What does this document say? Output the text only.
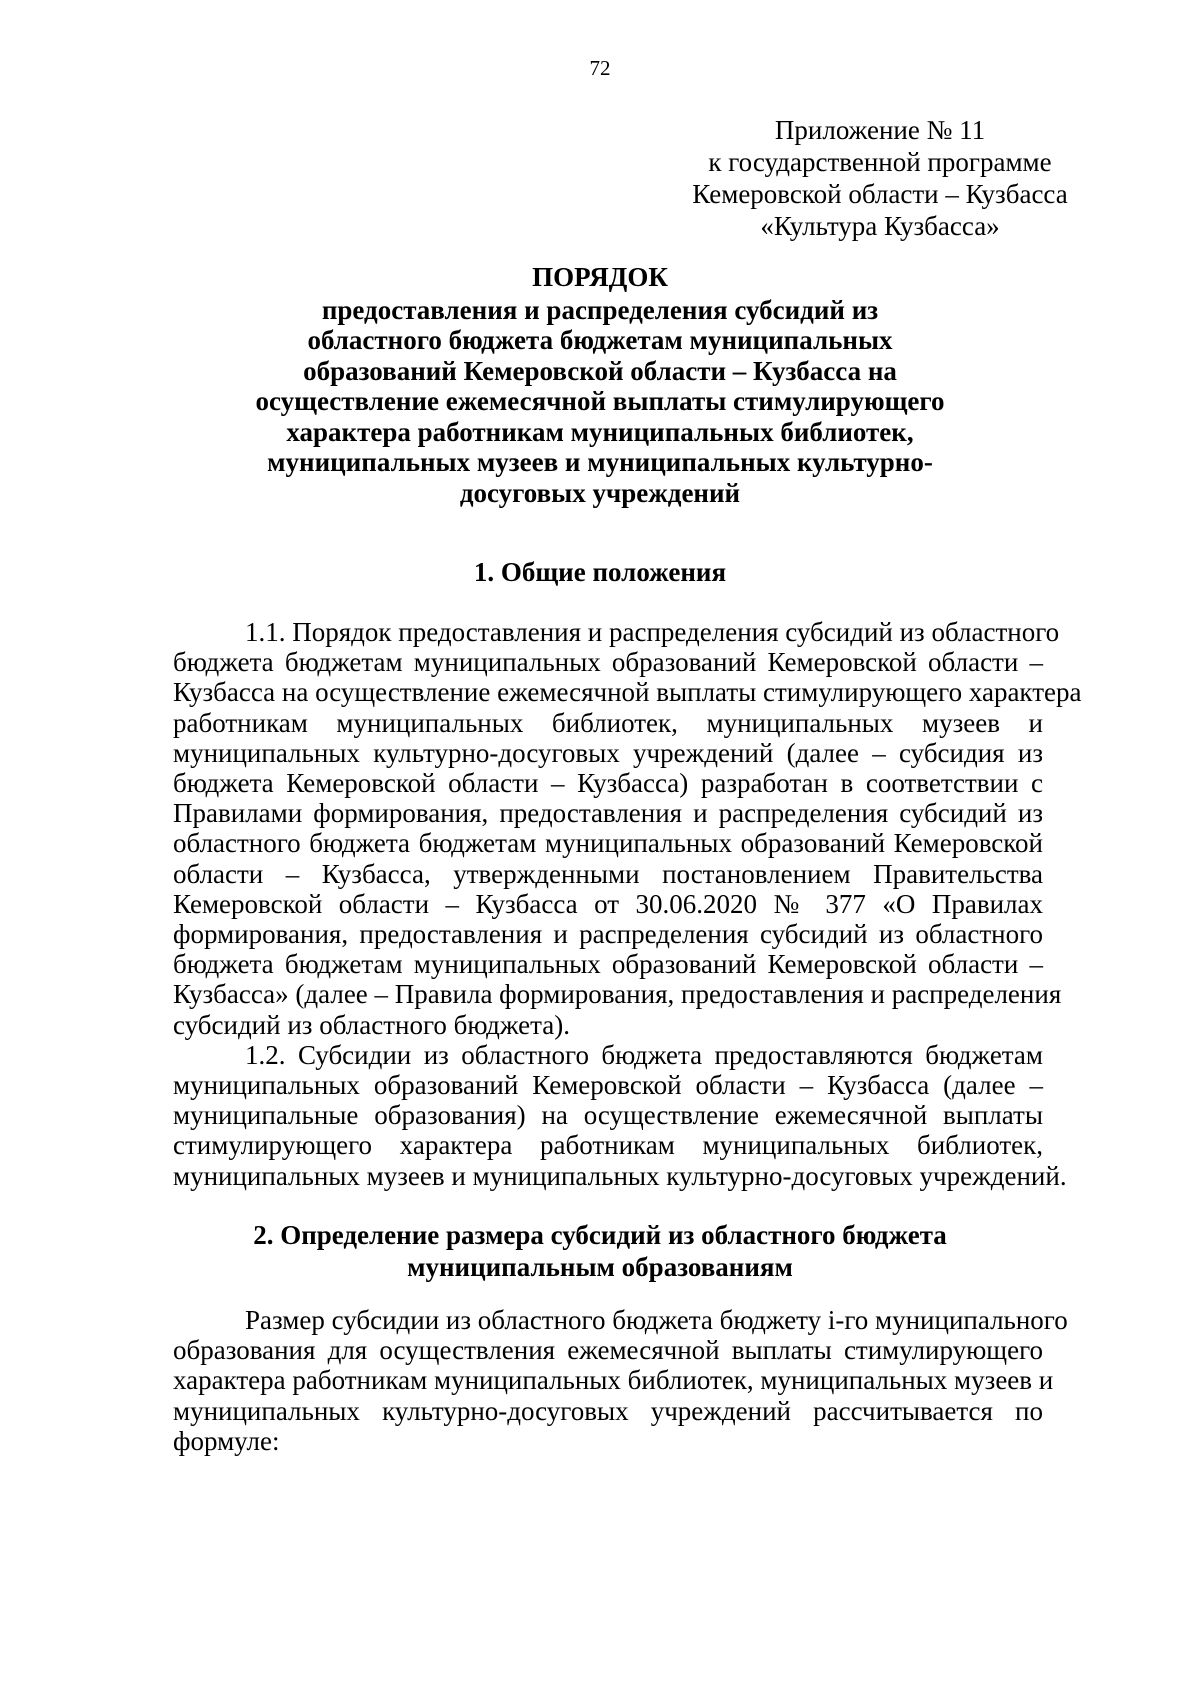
72
Приложение № 11
к государственной программе
Кемеровской области – Кузбасса
«Культура Кузбасса»
ПОРЯДОК
предоставления и распределения субсидий из
областного бюджета бюджетам муниципальных
образований Кемеровской области – Кузбасса на
осуществление ежемесячной выплаты стимулирующего
характера работникам муниципальных библиотек,
муниципальных музеев и муниципальных культурно-
досуговых учреждений
1. Общие положения
1.1. Порядок предоставления и распределения субсидий из областного
бюджета бюджетам муниципальных образований Кемеровской области –
Кузбасса на осуществление ежемесячной выплаты стимулирующего характера
работникам муниципальных библиотек, муниципальных музеев и
муниципальных культурно-досуговых учреждений (далее – субсидия из
бюджета Кемеровской области – Кузбасса) разработан в соответствии с
Правилами формирования, предоставления и распределения субсидий из
областного бюджета бюджетам муниципальных образований Кемеровской
области – Кузбасса, утвержденными постановлением Правительства
Кемеровской области – Кузбасса от 30.06.2020 № 377 «О Правилах
формирования, предоставления и распределения субсидий из областного
бюджета бюджетам муниципальных образований Кемеровской области –
Кузбасса» (далее – Правила формирования, предоставления и распределения
субсидий из областного бюджета).
1.2. Субсидии из областного бюджета предоставляются бюджетам
муниципальных образований Кемеровской области – Кузбасса (далее –
муниципальные образования) на осуществление ежемесячной выплаты
стимулирующего характера работникам муниципальных библиотек,
муниципальных музеев и муниципальных культурно-досуговых учреждений.
2. Определение размера субсидий из областного бюджета
муниципальным образованиям
Размер субсидии из областного бюджета бюджету i-го муниципального
образования для осуществления ежемесячной выплаты стимулирующего
характера работникам муниципальных библиотек, муниципальных музеев и
муниципальных культурно-досуговых учреждений рассчитывается по
формуле:
